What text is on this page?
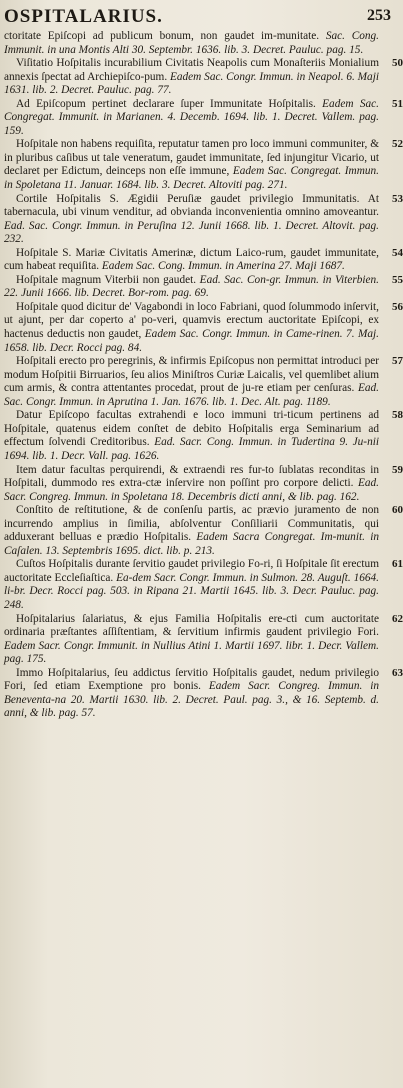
OSPITALARIUS.	253

ctoritate Epiſcopi ad publicum bonum, non gaudet im-munitate. Sac. Cong. Immunit. in una Montis Alti 30. Septembr. 1636. lib. 3. Decret. Pauluc. pag. 15.

50
Viſitatio Hoſpitalis incurabilium Civitatis Neapolis cum Monaſteriis Monialium annexis ſpectat ad Archiepiſco-pum. Eadem Sac. Congr. Immun. in Neapol. 6. Maji 1631. lib. 2. Decret. Pauluc. pag. 77.

51
Ad Epiſcopum pertinet declarare ſuper Immunitate Hoſpitalis. Eadem Sac. Congregat. Immunit. in Marianen. 4. Decemb. 1694. lib. 1. Decret. Vallem. pag. 159.

52
Hoſpitale non habens requiſita, reputatur tamen pro loco immuni communiter, & in pluribus caſibus ut tale veneratum, gaudet immunitate, ſed injungitur Vicario, ut declaret per Edictum, deinceps non eſſe immune, Eadem Sac. Congregat. Immun. in Spoletana 11. Januar. 1684. lib. 3. Decret. Altoviti pag. 271.

53
Cortile Hoſpitalis S. Ægidii Peruſiæ gaudet privilegio Immunitatis. At tabernacula, ubi vinum venditur, ad obvianda inconvenientia omnino amoveantur. Ead. Sac. Congr. Immun. in Peruſina 12. Junii 1668. lib. 1. Decret. Altovit. pag. 232.

54
Hoſpitale S. Mariæ Civitatis Amerinæ, dictum Laico-rum, gaudet immunitate, cum habeat requiſita. Eadem Sac. Cong. Immun. in Amerina 27. Maji 1687.

55
Hoſpitale magnum Viterbii non gaudet. Ead. Sac. Con-gr. Immun. in Viterbien. 22. Junii 1666. lib. Decret. Bor-rom. pag. 69.

56
Hoſpitale quod dicitur de' Vagabondi in loco Fabriani, quod ſolummodo inſervit, ut ajunt, per dar coperto a' po-veri, quamvis erectum auctoritate Epiſcopi, ex hactenus deductis non gaudet, Eadem Sac. Congr. Immun. in Came-rinen. 7. Maj. 1658. lib. Decr. Rocci pag. 84.

57
Hoſpitali erecto pro peregrinis, & infirmis Epiſcopus non permittat introduci per modum Hoſpitii Birruarios, ſeu alios Miniſtros Curiæ Laicalis, vel quemlibet alium cum armis, & contra attentantes procedat, prout de ju-re etiam per cenſuras. Ead. Sac. Congr. Immun. in Aprutina 1. Jan. 1676. lib. 1. Dec. Alt. pag. 1189.

58
Datur Epiſcopo facultas extrahendi e loco immuni tri-ticum pertinens ad Hoſpitale, quatenus eidem conſtet de debito Hoſpitalis erga Seminarium ad effectum ſolvendi Creditoribus. Ead. Sacr. Cong. Immun. in Tudertina 9. Ju-nii 1694. lib. 1. Decr. Vall. pag. 1626.

59
Item datur facultas perquirendi, & extraendi res fur-to ſublatas reconditas in Hoſpitali, dummodo res extra-ctæ inſervire non poſſint pro corpore delicti. Ead. Sacr. Congreg. Immun. in Spoletana 18. Decembris dicti anni, & lib. pag. 162.

60
Conſtito de reſtitutione, & de conſenſu partis, ac prævio juramento de non incurrendo amplius in ſimilia, abſolventur Conſiliarii Communitatis, qui adduxerant belluas e prædio Hoſpitalis. Eadem Sacra Congregat. Im-munit. in Caſalen. 13. Septembris 1695. dict. lib. p. 213.

61
Cuſtos Hoſpitalis durante ſervitio gaudet privilegio Fo-ri, ſi Hoſpitale ſit erectum auctoritate Eccleſiaſtica. Ea-dem Sacr. Congr. Immun. in Sulmon. 28. Auguſt. 1664. li-br. Decr. Rocci pag. 503. in Ripana 21. Martii 1645. lib. 3. Decr. Pauluc. pag. 248.

62
Hoſpitalarius ſalariatus, & ejus Familia Hoſpitalis ere-cti cum auctoritate ordinaria præſtantes aſſiſtentiam, & ſervitium infirmis gaudent privilegio Fori. Eadem Sacr. Congr. Immunit. in Nullius Atini 1. Martii 1697. libr. 1. Decr. Vallem. pag. 175.

63
Immo Hoſpitalarius, ſeu addictus ſervitio Hoſpitalis gaudet, nedum privilegio Fori, ſed etiam Exemptione pro bonis. Eadem Sacr. Congreg. Immun. in Beneventa-na 20. Martii 1630. lib. 2. Decret. Paul. pag. 3., & 16. Septemb. d. anni, & lib. pag. 57.
